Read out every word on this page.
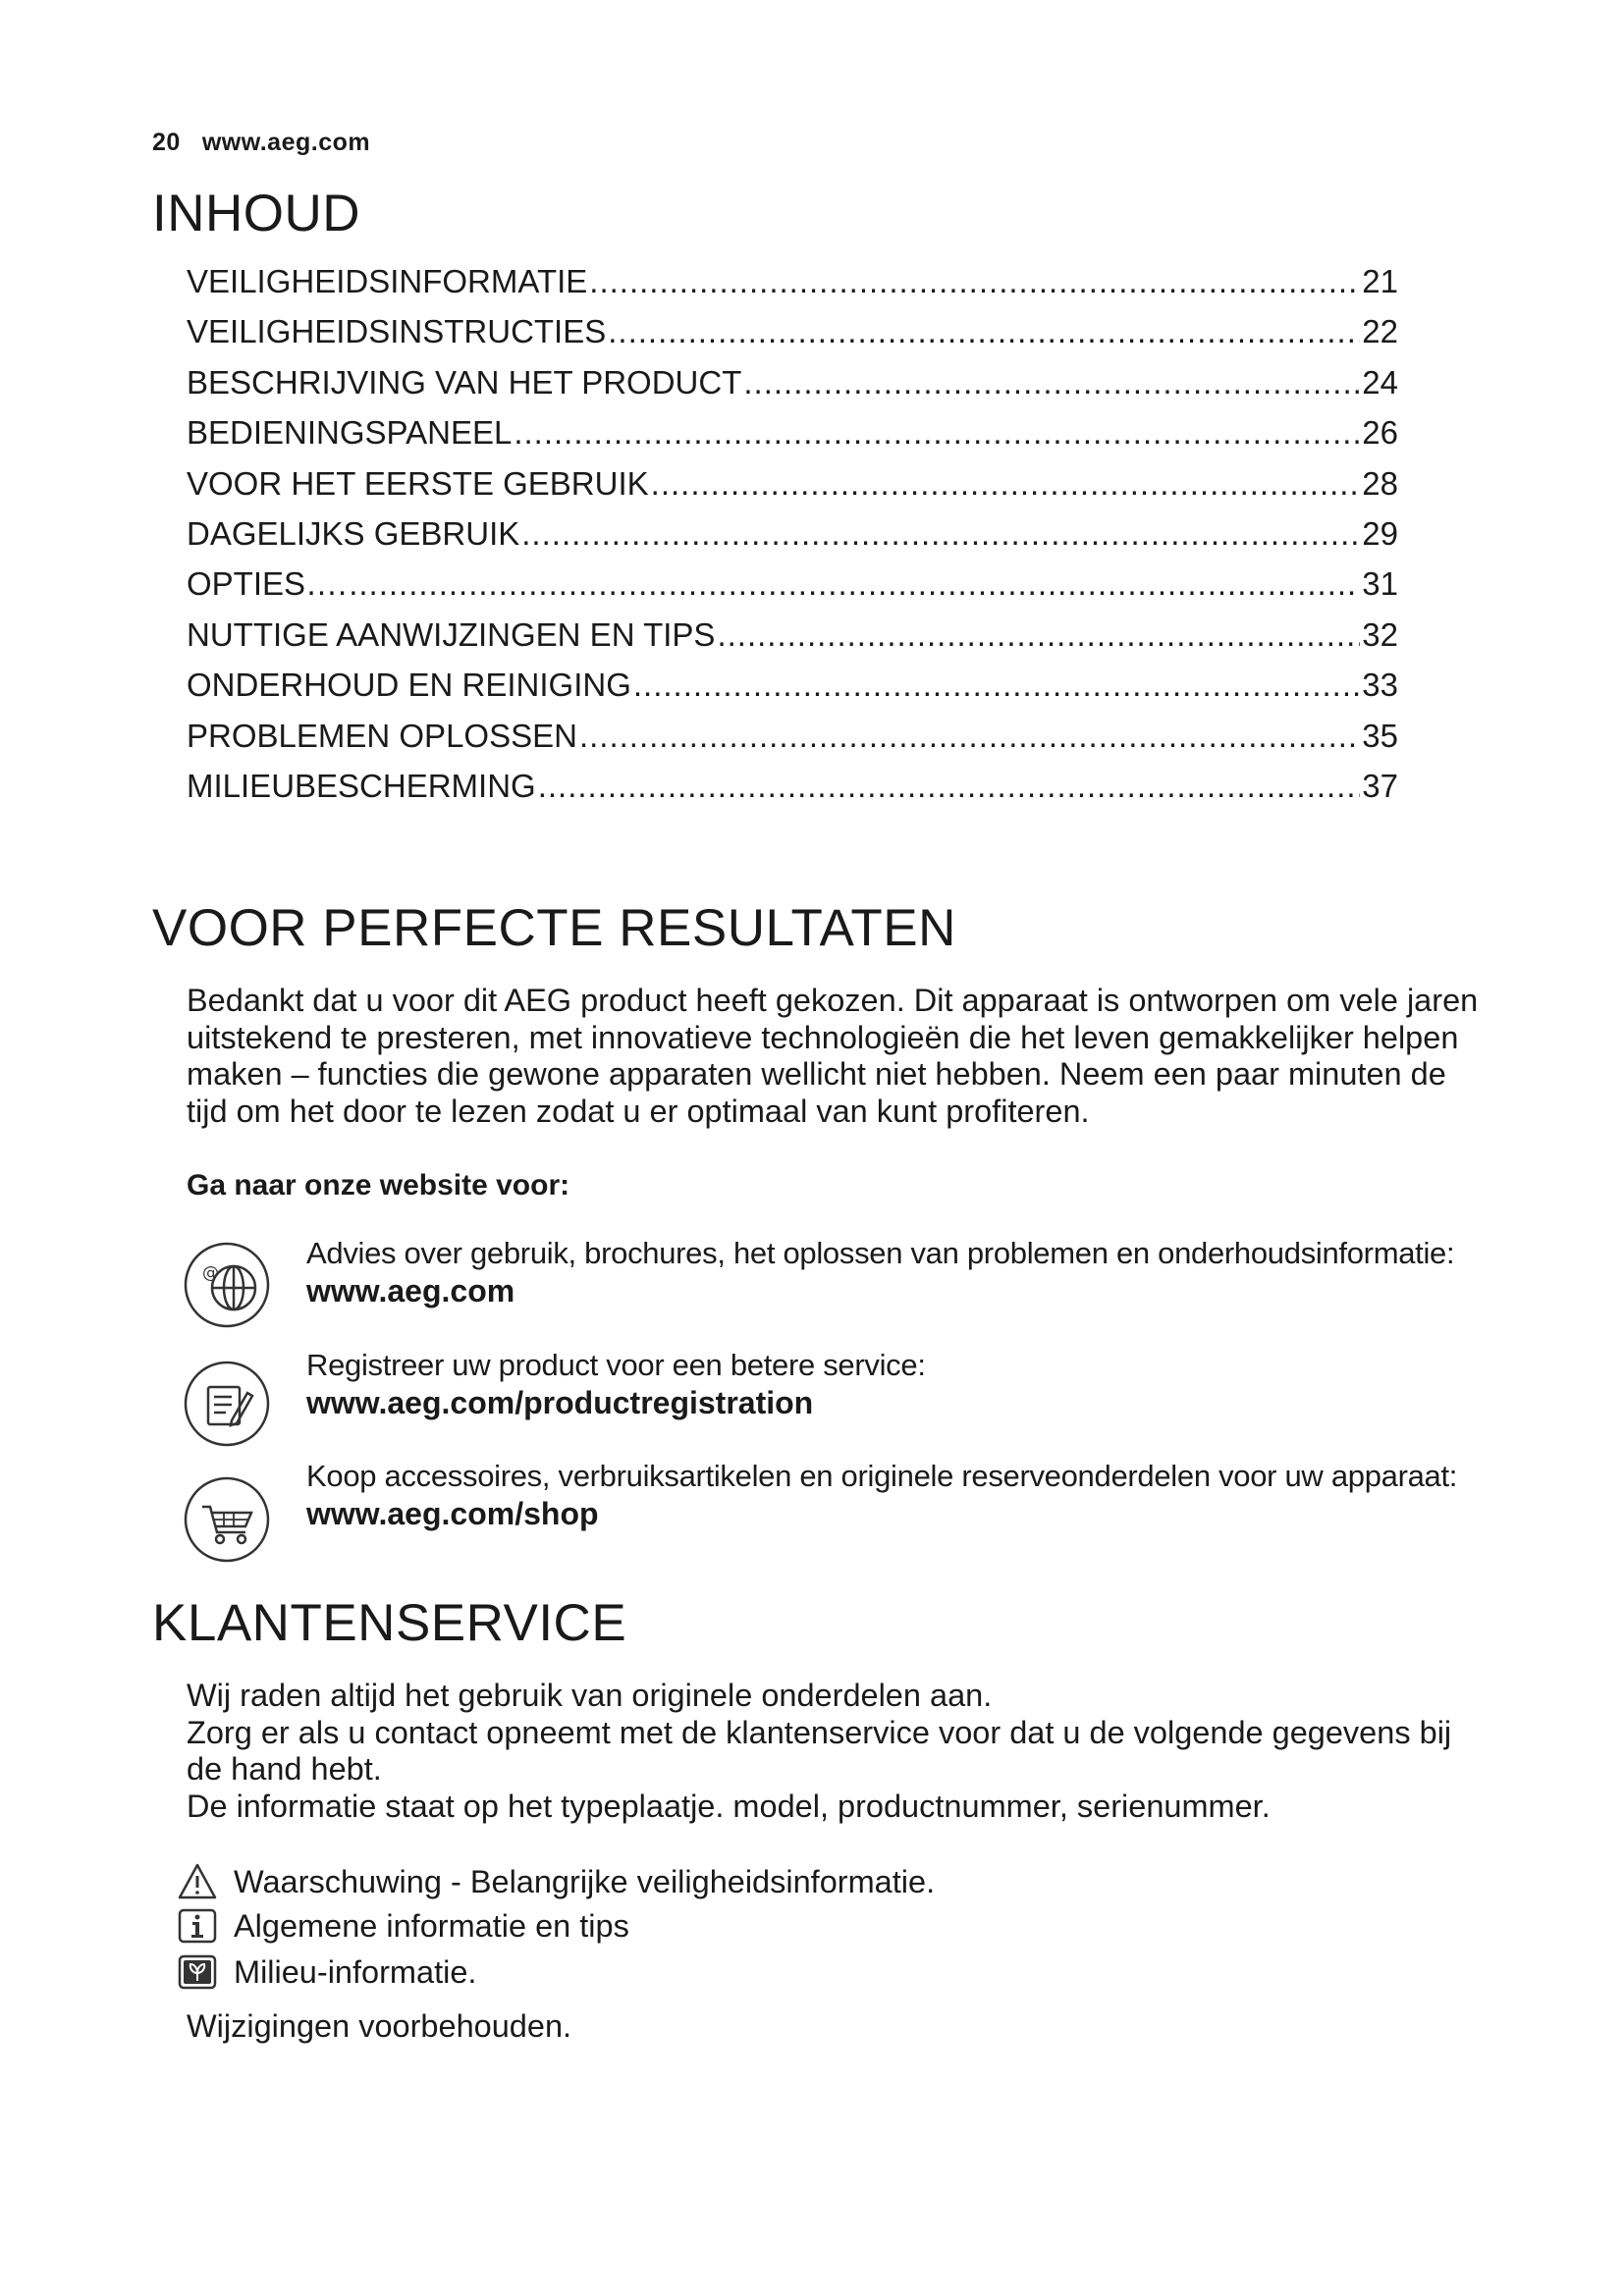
20 www.aeg.com
INHOUD
VEILIGHEIDSINFORMATIE .....	21
VEILIGHEIDSINSTRUCTIES .....	22
BESCHRIJVING VAN HET PRODUCT .....	24
BEDIENINGSPANEEL .....	26
VOOR HET EERSTE GEBRUIK .....	28
DAGELIJKS GEBRUIK .....	29
OPTIES…. .....	31
NUTTIGE AANWIJZINGEN EN TIPS .....	32
ONDERHOUD EN REINIGING .....	33
PROBLEMEN OPLOSSEN .....	35
MILIEUBESCHERMING .....	37
VOOR PERFECTE RESULTATEN

Bedankt dat u voor dit AEG product heeft gekozen. Dit apparaat is ontworpen om vele jaren uitstekend te presteren, met innovatieve technologieën die het leven gemakkelijker helpen maken – functies die gewone apparaten wellicht niet hebben. Neem een paar minuten de tijd om het door te lezen zodat u er optimaal van kunt profiteren.

Ga naar onze website voor:

@
Advies over gebruik, brochures, het oplossen van problemen en onderhoudsinformatie:
www.aeg.com
Registreer uw product voor een betere service:
www.aeg.com/productregistration
Koop accessoires, verbruiksartikelen en originele reserveonderdelen voor uw apparaat:
www.aeg.com/shop
KLANTENSERVICE
Wij raden altijd het gebruik van originele onderdelen aan.
Zorg er als u contact opneemt met de klantenservice voor dat u de volgende gegevens bij de hand hebt.
De informatie staat op het typeplaatje. model, productnummer, serienummer.
Waarschuwing - Belangrijke veiligheidsinformatie.
Algemene informatie en tips
Milieu-informatie.

Wijzigingen voorbehouden.
